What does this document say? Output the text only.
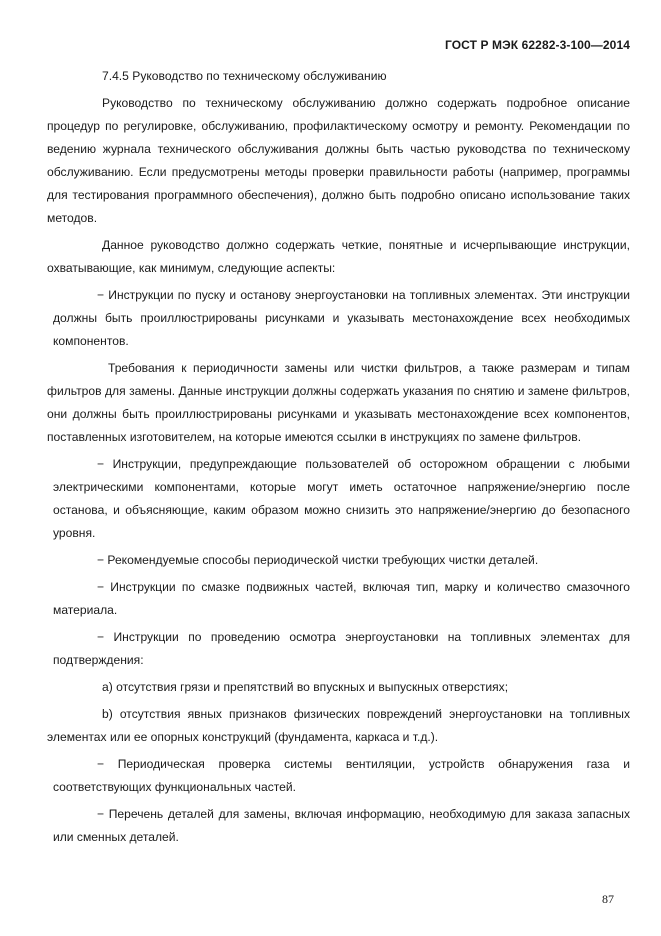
ГОСТ Р МЭК 62282-3-100—2014

7.4.5 Руководство по техническому обслуживанию

Руководство по техническому обслуживанию должно содержать подробное описание процедур по регулировке, обслуживанию, профилактическому осмотру и ремонту. Рекомендации по ведению журнала технического обслуживания должны быть частью руководства по техническому обслуживанию. Если предусмотрены методы проверки правильности работы (например, программы для тестирования программного обеспечения), должно быть подробно описано использование таких методов.

Данное руководство должно содержать четкие, понятные и исчерпывающие инструкции, охватывающие, как минимум, следующие аспекты:

− Инструкции по пуску и останову энергоустановки на топливных элементах. Эти инструкции должны быть проиллюстрированы рисунками и указывать местонахождение всех необходимых компонентов.

Требования к периодичности замены или чистки фильтров, а также размерам и типам фильтров для замены. Данные инструкции должны содержать указания по снятию и замене фильтров, они должны быть проиллюстрированы рисунками и указывать местонахождение всех компонентов, поставленных изготовителем, на которые имеются ссылки в инструкциях по замене фильтров.

− Инструкции, предупреждающие пользователей об осторожном обращении с любыми электрическими компонентами, которые могут иметь остаточное напряжение/энергию после останова, и объясняющие, каким образом можно снизить это напряжение/энергию до безопасного уровня.

− Рекомендуемые способы периодической чистки требующих чистки деталей.

− Инструкции по смазке подвижных частей, включая тип, марку и количество смазочного материала.

− Инструкции по проведению осмотра энергоустановки на топливных элементах для подтверждения:

а) отсутствия грязи и препятствий во впускных и выпускных отверстиях;

b) отсутствия явных признаков физических повреждений энергоустановки на топливных элементах или ее опорных конструкций (фундамента, каркаса и т.д.).

− Периодическая проверка системы вентиляции, устройств обнаружения газа и соответствующих функциональных частей.

− Перечень деталей для замены, включая информацию, необходимую для заказа запасных или сменных деталей.

87
